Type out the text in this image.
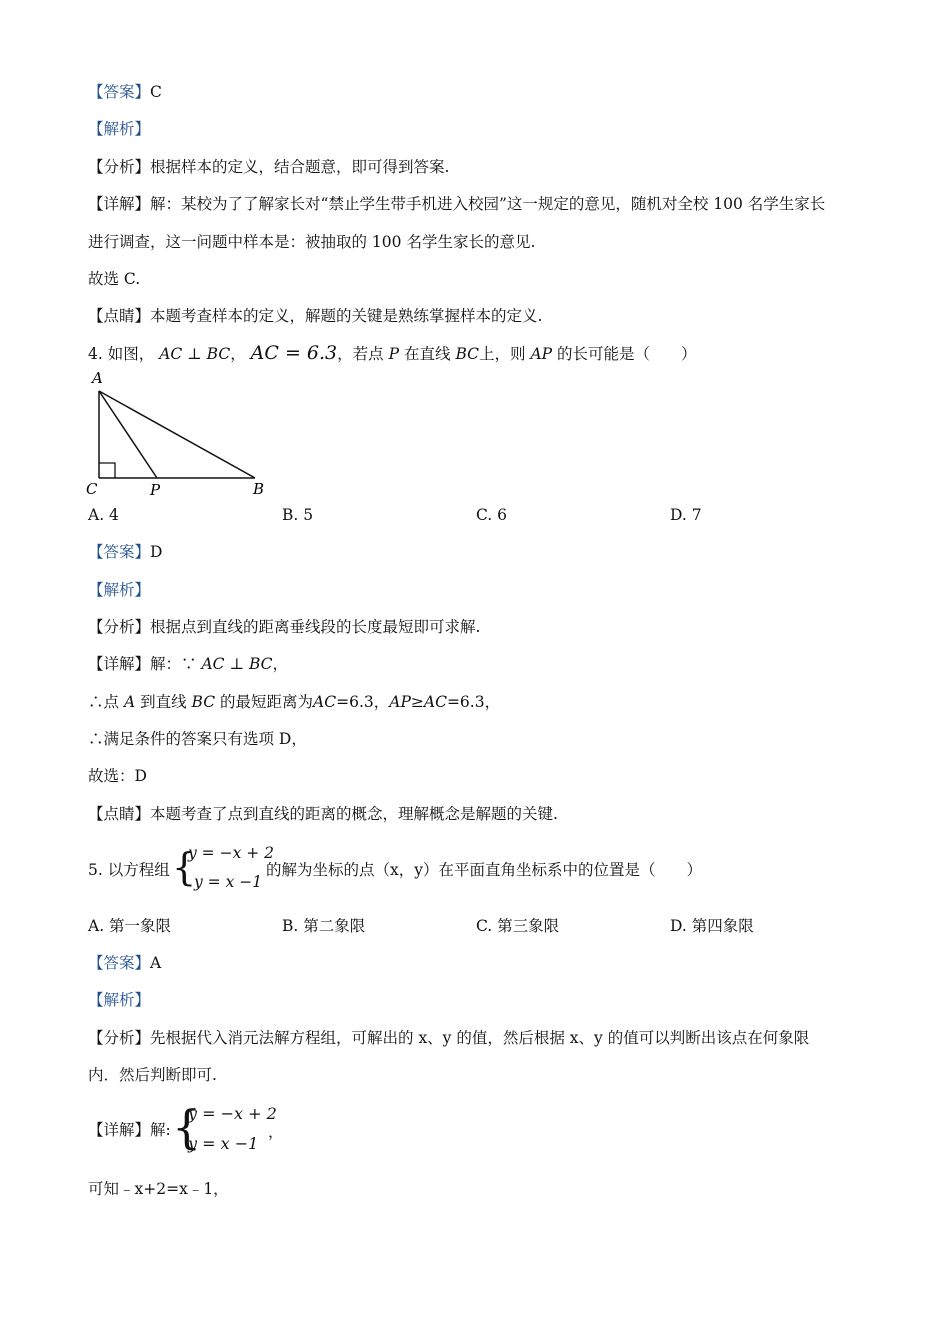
【答案】C
【解析】
【分析】根据样本的定义，结合题意，即可得到答案.
【详解】解：某校为了了解家长对“禁止学生带手机进入校园”这一规定的意见，随机对全校 100 名学生家长
进行调查，这一问题中样本是：被抽取的 100 名学生家长的意见.
故选 C.
【点睛】本题考查样本的定义，解题的关键是熟练掌握样本的定义.
4. 如图， AC ⊥ BC， AC = 6.3，若点 P 在直线 BC上，则 AP 的长可能是（　　）
A
C	P	B
A. 4	B. 5	C. 6	D. 7
【答案】D
【解析】
【分析】根据点到直线的距离垂线段的长度最短即可求解.
【详解】解：∵ AC ⊥ BC，
∴点 A 到直线 BC 的最短距离为AC=6.3，AP≥AC=6.3，
∴满足条件的答案只有选项 D，
故选：D
【点睛】本题考查了点到直线的距离的概念，理解概念是解题的关键.
5. 以方程组 {
y = −x + 2
y = x −1
的解为坐标的点（x，y）在平面直角坐标系中的位置是（　　）
A. 第一象限	B. 第二象限	C. 第三象限	D. 第四象限
【答案】A
【解析】
【分析】先根据代入消元法解方程组，可解出的 x、y 的值，然后根据 x、y 的值可以判断出该点在何象限
内．然后判断即可.
【详解】解: {
y = −x + 2
y = x −1
，
可知﹣x+2=x﹣1，
